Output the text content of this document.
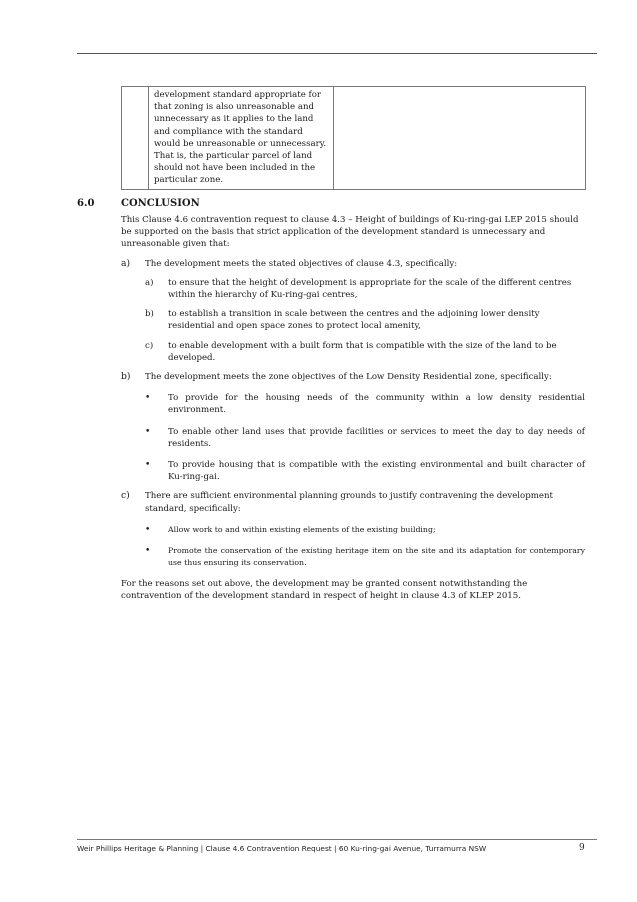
	development standard appropriate for that zoning is also unreasonable and unnecessary as it applies to the land and compliance with the standard would be unreasonable or unnecessary. That is, the particular parcel of land should not have been included in the particular zone.	
6.0	CONCLUSION

This Clause 4.6 contravention request to clause 4.3 – Height of buildings of Ku-ring-gai LEP 2015 should be supported on the basis that strict application of the development standard is unnecessary and unreasonable given that:

a)	The development meets the stated objectives of clause 4.3, specifically:
a)	to ensure that the height of development is appropriate for the scale of the different centres within the hierarchy of Ku-ring-gai centres,
b)	to establish a transition in scale between the centres and the adjoining lower density residential and open space zones to protect local amenity,
c)	to enable development with a built form that is compatible with the size of the land to be developed.
b)	The development meets the zone objectives of the Low Density Residential zone, specifically:
•	To provide for the housing needs of the community within a low density residential environment.
•	To enable other land uses that provide facilities or services to meet the day to day needs of residents.
•	To provide housing that is compatible with the existing environmental and built character of Ku-ring-gai.
c)	There are sufficient environmental planning grounds to justify contravening the development standard, specifically:
•	Allow work to and within existing elements of the existing building;
•	Promote the conservation of the existing heritage item on the site and its adaptation for contemporary use thus ensuring its conservation.

For the reasons set out above, the development may be granted consent notwithstanding the contravention of the development standard in respect of height in clause 4.3 of KLEP 2015.

Weir Phillips Heritage & Planning | Clause 4.6 Contravention Request | 60 Ku-ring-gai Avenue, Turramurra NSW	9
